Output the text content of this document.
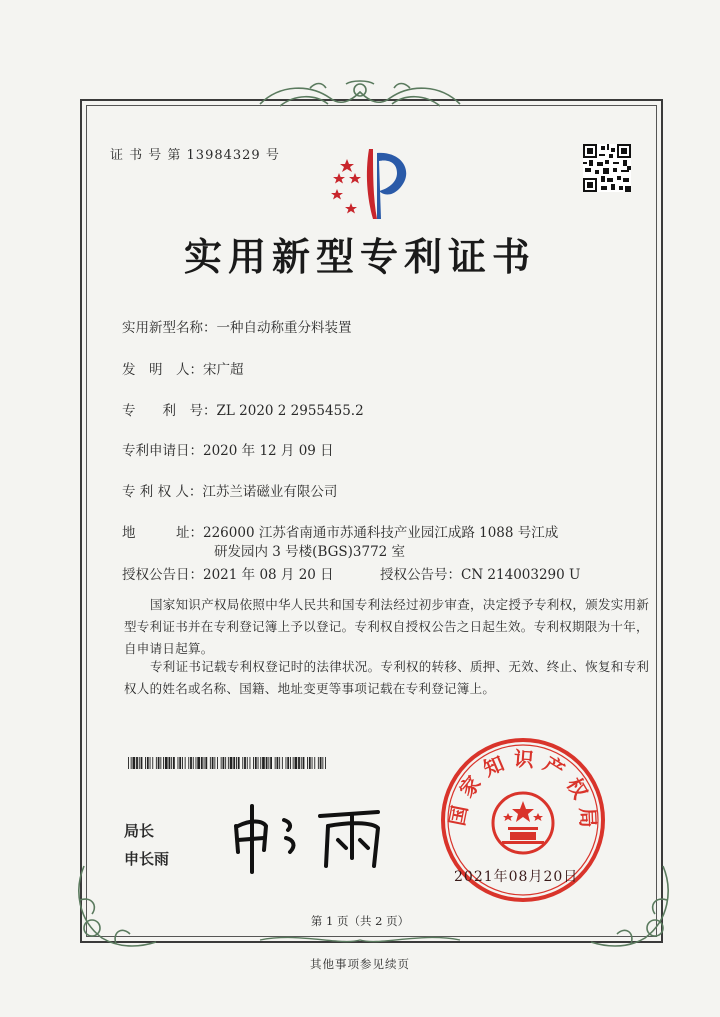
证 书 号 第 13984329 号
实用新型专利证书
实用新型名称：一种自动称重分料装置
发　明　人：宋广超
专　　利　号：ZL 2020 2 2955455.2
专利申请日：2020 年 12 月 09 日
专 利 权 人：江苏兰诺磁业有限公司
地　　　址：226000 江苏省南通市苏通科技产业园江成路 1088 号江成
研发园内 3 号楼(BGS)3772 室
授权公告日：2021 年 08 月 20 日	授权公告号：CN 214003290 U
国家知识产权局依照中华人民共和国专利法经过初步审查，决定授予专利权，颁发实用新型专利证书并在专利登记簿上予以登记。专利权自授权公告之日起生效。专利权期限为十年，自申请日起算。
专利证书记载专利权登记时的法律状况。专利权的转移、质押、无效、终止、恢复和专利权人的姓名或名称、国籍、地址变更等事项记载在专利登记簿上。
局长
申长雨
国家知识产权局
2021年08月20日
第 1 页（共 2 页）
其他事项参见续页
